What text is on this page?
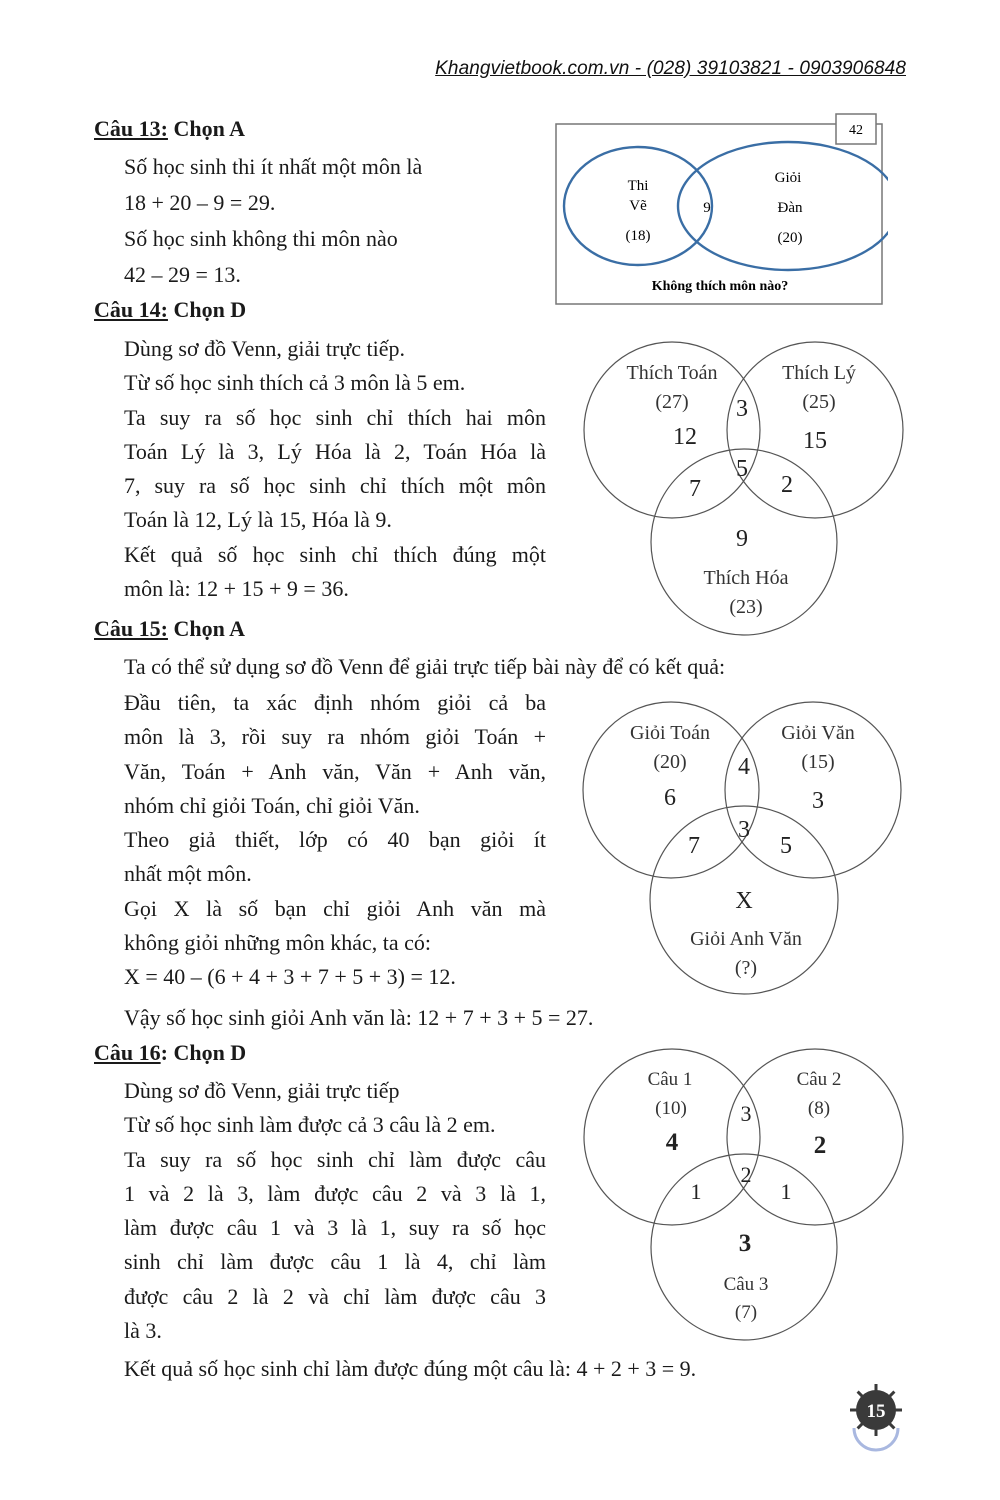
Khangvietbook.com.vn - (028) 39103821 - 0903906848
Câu 13: Chọn A
Số học sinh thi ít nhất một môn là
18 + 20 – 9 = 29.
Số học sinh không thi môn nào
42 – 29 = 13.
42
Thi
Vẽ
(18)
9
Giỏi
Đàn
(20)
Không thích môn nào?
Câu 14: Chọn D
Dùng sơ đồ Venn, giải trực tiếp.
Từ số học sinh thích cả 3 môn là 5 em.
Ta suy ra số học sinh chỉ thích hai môn
Toán Lý là 3, Lý Hóa là 2, Toán Hóa là
7, suy ra số học sinh chỉ thích một môn
Toán là 12, Lý là 15, Hóa là 9.
Kết quả số học sinh chỉ thích đúng một
môn là: 12 + 15 + 9 = 36.
Thích Toán
(27)
12
Thích Lý
(25)
15
3
5
7	2
9
Thích Hóa
(23)
Câu 15: Chọn A
Ta có thể sử dụng sơ đồ Venn để giải trực tiếp bài này để có kết quả:
Đầu tiên, ta xác định nhóm giỏi cả ba
môn là 3, rồi suy ra nhóm giỏi Toán +
Văn, Toán + Anh văn, Văn + Anh văn,
nhóm chỉ giỏi Toán, chỉ giỏi Văn.
Theo giả thiết, lớp có 40 bạn giỏi ít
nhất một môn.
Gọi X là số bạn chỉ giỏi Anh văn mà
không giỏi những môn khác, ta có:
X = 40 – (6 + 4 + 3 + 7 + 5 + 3) = 12.
Vậy số học sinh giỏi Anh văn là: 12 + 7 + 3 + 5 = 27.
Giỏi Toán
(20)
6
Giỏi Văn
(15)
3
4
3
7	5
X
Giỏi Anh Văn
(?)
Câu 16: Chọn D
Dùng sơ đồ Venn, giải trực tiếp
Từ số học sinh làm được cả 3 câu là 2 em.
Ta suy ra số học sinh chỉ làm được câu
1 và 2 là 3, làm được câu 2 và 3 là 1,
làm được câu 1 và 3 là 1, suy ra số học
sinh chỉ làm được câu 1 là 4, chỉ làm
được câu 2 là 2 và chỉ làm được câu 3
là 3.
Kết quả số học sinh chỉ làm được đúng một câu là: 4 + 2 + 3 = 9.
Câu 1
(10)
4
Câu 2
(8)
2
3
2
1	1
3
Câu 3
(7)
15
